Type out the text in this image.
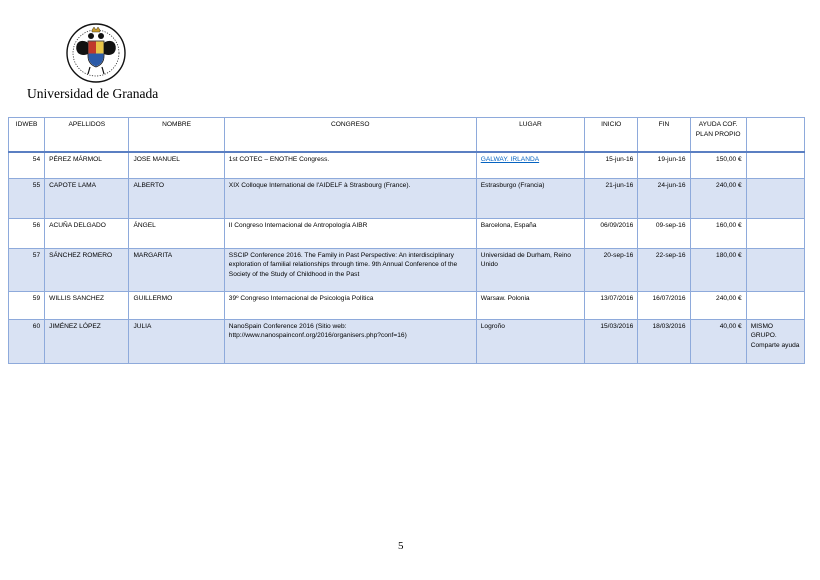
Universidad de Granada
IDWEB	APELLIDOS	NOMBRE	CONGRESO	LUGAR	INICIO	FIN	AYUDA COF. PLAN PROPIO	
54	PÉREZ MÁRMOL	JOSE MANUEL	1st COTEC – ENOTHE Congress.	GALWAY. IRLANDA	15-jun-16	19-jun-16	150,00 €	
55	CAPOTE LAMA	ALBERTO	XIX Colloque International de l'AIDELF à Strasbourg (France).	Estrasburgo (Francia)	21-jun-16	24-jun-16	240,00 €	
56	ACUÑA DELGADO	ÁNGEL	II Congreso Internacional de Antropología AIBR	Barcelona, España	06/09/2016	09-sep-16	160,00 €	
57	SÁNCHEZ ROMERO	MARGARITA	SSCIP Conference 2016. The Family in Past Perspective: An interdisciplinary exploration of familial relationships through time. 9th Annual Conference of the Society of the Study of Childhood in the Past	Universidad de Durham, Reino Unido	20-sep-16	22-sep-16	180,00 €	
59	WILLIS SANCHEZ	GUILLERMO	39º Congreso Internacional de Psicología Política	Warsaw. Polonia	13/07/2016	16/07/2016	240,00 €	
60	JIMÉNEZ LÓPEZ	JULIA	NanoSpain Conference 2016 (Sitio web: http://www.nanospainconf.org/2016/organisers.php?conf=16)	Logroño	15/03/2016	18/03/2016	40,00 €	MISMO GRUPO. Comparte ayuda
5
